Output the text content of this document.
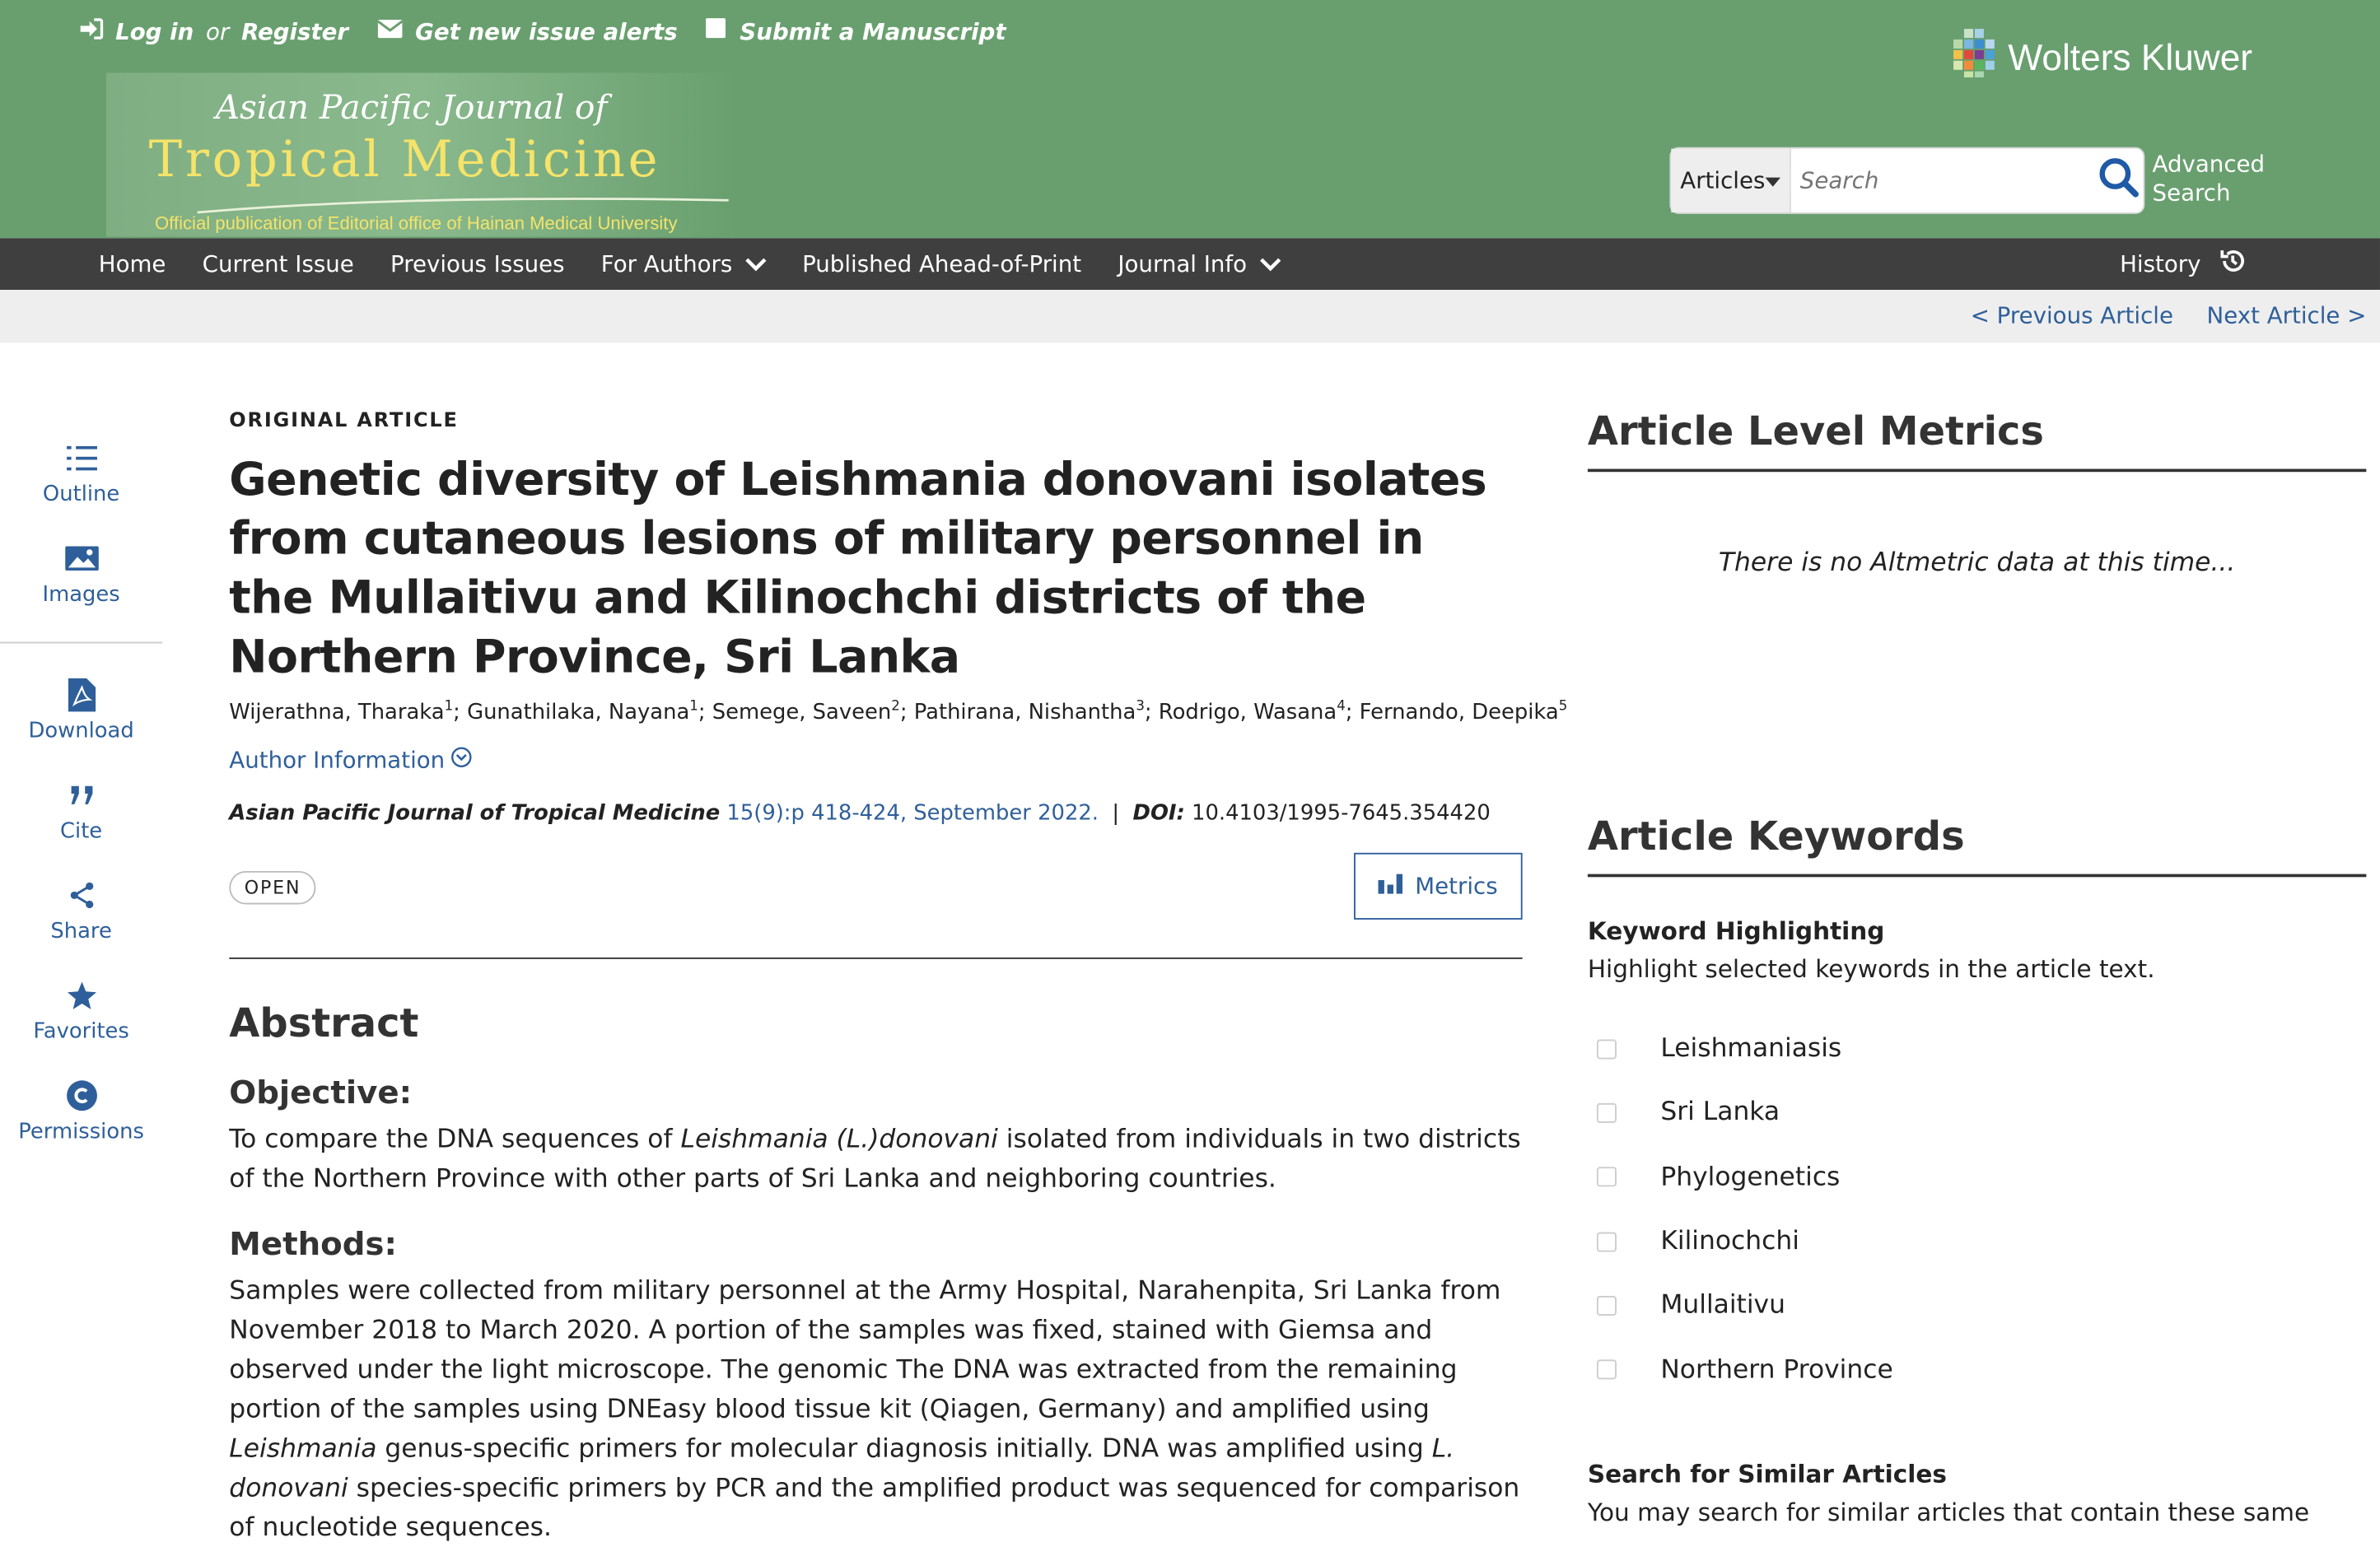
Log in or Register	Get new issue alerts	Submit a Manuscript
Asian Pacific Journal of
Tropical Medicine
Official publication of Editorial office of Hainan Medical University
Wolters Kluwer
Articles
Search
Advanced Search
Home	Current Issue	Previous Issues	For Authors	Published Ahead-of-Print	Journal Info	History
< Previous Article	Next Article >
Outline
Images
Download
Cite
Share
Favorites
Permissions
ORIGINAL ARTICLE
Genetic diversity of Leishmania donovani isolates from cutaneous lesions of military personnel in the Mullaitivu and Kilinochchi districts of the Northern Province, Sri Lanka
Wijerathna, Tharaka$^1$; Gunathilaka, Nayana$^1$; Semege, Saveen$^2$; Pathirana, Nishantha$^3$; Rodrigo, Wasana$^4$; Fernando, Deepika$^5$
Author Information
Asian Pacific Journal of Tropical Medicine 15(9):p 418-424, September 2022.  |  DOI: 10.4103/1995-7645.354420
OPEN	Metrics
Abstract
Objective:
To compare the DNA sequences of Leishmania (L.)donovani isolated from individuals in two districts of the Northern Province with other parts of Sri Lanka and neighboring countries.
Methods:
Samples were collected from military personnel at the Army Hospital, Narahenpita, Sri Lanka from November 2018 to March 2020. A portion of the samples was fixed, stained with Giemsa and observed under the light microscope. The genomic The DNA was extracted from the remaining portion of the samples using DNEasy blood tissue kit (Qiagen, Germany) and amplified using Leishmania genus-specific primers for molecular diagnosis initially. DNA was amplified using L. donovani species-specific primers by PCR and the amplified product was sequenced for comparison of nucleotide sequences.
Article Level Metrics
There is no Altmetric data at this time...
Article Keywords
Keyword Highlighting
Highlight selected keywords in the article text.
Leishmaniasis
Sri Lanka
Phylogenetics
Kilinochchi
Mullaitivu
Northern Province
Search for Similar Articles
You may search for similar articles that contain these same
